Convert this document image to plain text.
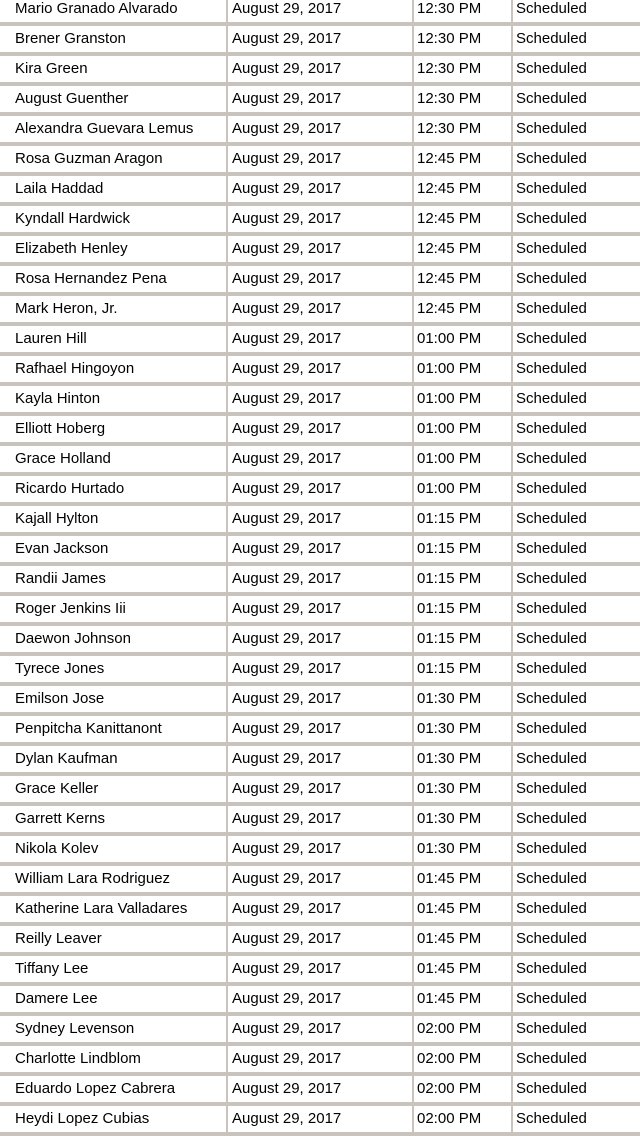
Mario Granado Alvarado	August 29, 2017	12:30 PM	Scheduled
Brener Granston	August 29, 2017	12:30 PM	Scheduled
Kira Green	August 29, 2017	12:30 PM	Scheduled
August Guenther	August 29, 2017	12:30 PM	Scheduled
Alexandra Guevara Lemus	August 29, 2017	12:30 PM	Scheduled
Rosa Guzman Aragon	August 29, 2017	12:45 PM	Scheduled
Laila Haddad	August 29, 2017	12:45 PM	Scheduled
Kyndall Hardwick	August 29, 2017	12:45 PM	Scheduled
Elizabeth Henley	August 29, 2017	12:45 PM	Scheduled
Rosa Hernandez Pena	August 29, 2017	12:45 PM	Scheduled
Mark Heron, Jr.	August 29, 2017	12:45 PM	Scheduled
Lauren Hill	August 29, 2017	01:00 PM	Scheduled
Rafhael Hingoyon	August 29, 2017	01:00 PM	Scheduled
Kayla Hinton	August 29, 2017	01:00 PM	Scheduled
Elliott Hoberg	August 29, 2017	01:00 PM	Scheduled
Grace Holland	August 29, 2017	01:00 PM	Scheduled
Ricardo Hurtado	August 29, 2017	01:00 PM	Scheduled
Kajall Hylton	August 29, 2017	01:15 PM	Scheduled
Evan Jackson	August 29, 2017	01:15 PM	Scheduled
Randii James	August 29, 2017	01:15 PM	Scheduled
Roger Jenkins Iii	August 29, 2017	01:15 PM	Scheduled
Daewon Johnson	August 29, 2017	01:15 PM	Scheduled
Tyrece Jones	August 29, 2017	01:15 PM	Scheduled
Emilson Jose	August 29, 2017	01:30 PM	Scheduled
Penpitcha Kanittanont	August 29, 2017	01:30 PM	Scheduled
Dylan Kaufman	August 29, 2017	01:30 PM	Scheduled
Grace Keller	August 29, 2017	01:30 PM	Scheduled
Garrett Kerns	August 29, 2017	01:30 PM	Scheduled
Nikola Kolev	August 29, 2017	01:30 PM	Scheduled
William Lara Rodriguez	August 29, 2017	01:45 PM	Scheduled
Katherine Lara Valladares	August 29, 2017	01:45 PM	Scheduled
Reilly Leaver	August 29, 2017	01:45 PM	Scheduled
Tiffany Lee	August 29, 2017	01:45 PM	Scheduled
Damere Lee	August 29, 2017	01:45 PM	Scheduled
Sydney Levenson	August 29, 2017	02:00 PM	Scheduled
Charlotte Lindblom	August 29, 2017	02:00 PM	Scheduled
Eduardo Lopez Cabrera	August 29, 2017	02:00 PM	Scheduled
Heydi Lopez Cubias	August 29, 2017	02:00 PM	Scheduled
